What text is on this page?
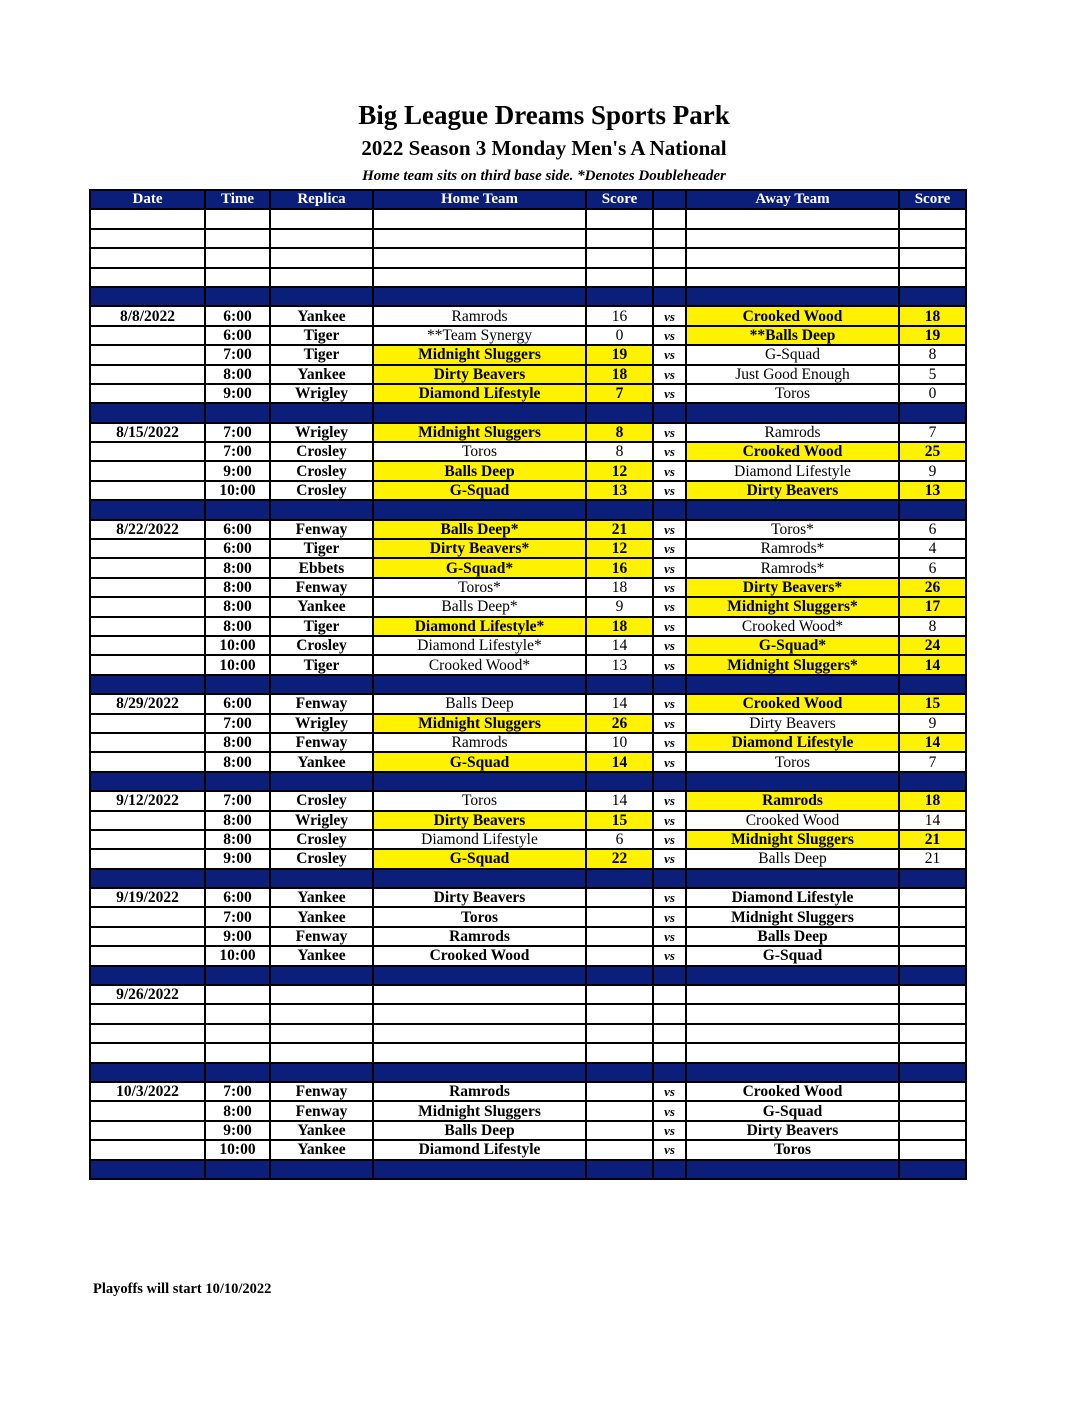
Big League Dreams Sports Park
2022 Season 3 Monday Men's A National
Home team sits on third base side. *Denotes Doubleheader
Date	Time	Replica	Home Team	Score		Away Team	Score

8/8/2022	6:00	Yankee	Ramrods	16	vs	Crooked Wood	18
	6:00	Tiger	**Team Synergy	0	vs	**Balls Deep	19
	7:00	Tiger	Midnight Sluggers	19	vs	G-Squad	8
	8:00	Yankee	Dirty Beavers	18	vs	Just Good Enough	5
	9:00	Wrigley	Diamond Lifestyle	7	vs	Toros	0

8/15/2022	7:00	Wrigley	Midnight Sluggers	8	vs	Ramrods	7
	7:00	Crosley	Toros	8	vs	Crooked Wood	25
	9:00	Crosley	Balls Deep	12	vs	Diamond Lifestyle	9
	10:00	Crosley	G-Squad	13	vs	Dirty Beavers	13

8/22/2022	6:00	Fenway	Balls Deep*	21	vs	Toros*	6
	6:00	Tiger	Dirty Beavers*	12	vs	Ramrods*	4
	8:00	Ebbets	G-Squad*	16	vs	Ramrods*	6
	8:00	Fenway	Toros*	18	vs	Dirty Beavers*	26
	8:00	Yankee	Balls Deep*	9	vs	Midnight Sluggers*	17
	8:00	Tiger	Diamond Lifestyle*	18	vs	Crooked Wood*	8
	10:00	Crosley	Diamond Lifestyle*	14	vs	G-Squad*	24
	10:00	Tiger	Crooked Wood*	13	vs	Midnight Sluggers*	14

8/29/2022	6:00	Fenway	Balls Deep	14	vs	Crooked Wood	15
	7:00	Wrigley	Midnight Sluggers	26	vs	Dirty Beavers	9
	8:00	Fenway	Ramrods	10	vs	Diamond Lifestyle	14
	8:00	Yankee	G-Squad	14	vs	Toros	7

9/12/2022	7:00	Crosley	Toros	14	vs	Ramrods	18
	8:00	Wrigley	Dirty Beavers	15	vs	Crooked Wood	14
	8:00	Crosley	Diamond Lifestyle	6	vs	Midnight Sluggers	21
	9:00	Crosley	G-Squad	22	vs	Balls Deep	21

9/19/2022	6:00	Yankee	Dirty Beavers		vs	Diamond Lifestyle	
	7:00	Yankee	Toros		vs	Midnight Sluggers	
	9:00	Fenway	Ramrods		vs	Balls Deep	
	10:00	Yankee	Crooked Wood		vs	G-Squad	

9/26/2022							

10/3/2022	7:00	Fenway	Ramrods		vs	Crooked Wood	
	8:00	Fenway	Midnight Sluggers		vs	G-Squad	
	9:00	Yankee	Balls Deep		vs	Dirty Beavers	
	10:00	Yankee	Diamond Lifestyle		vs	Toros	

Playoffs will start 10/10/2022
